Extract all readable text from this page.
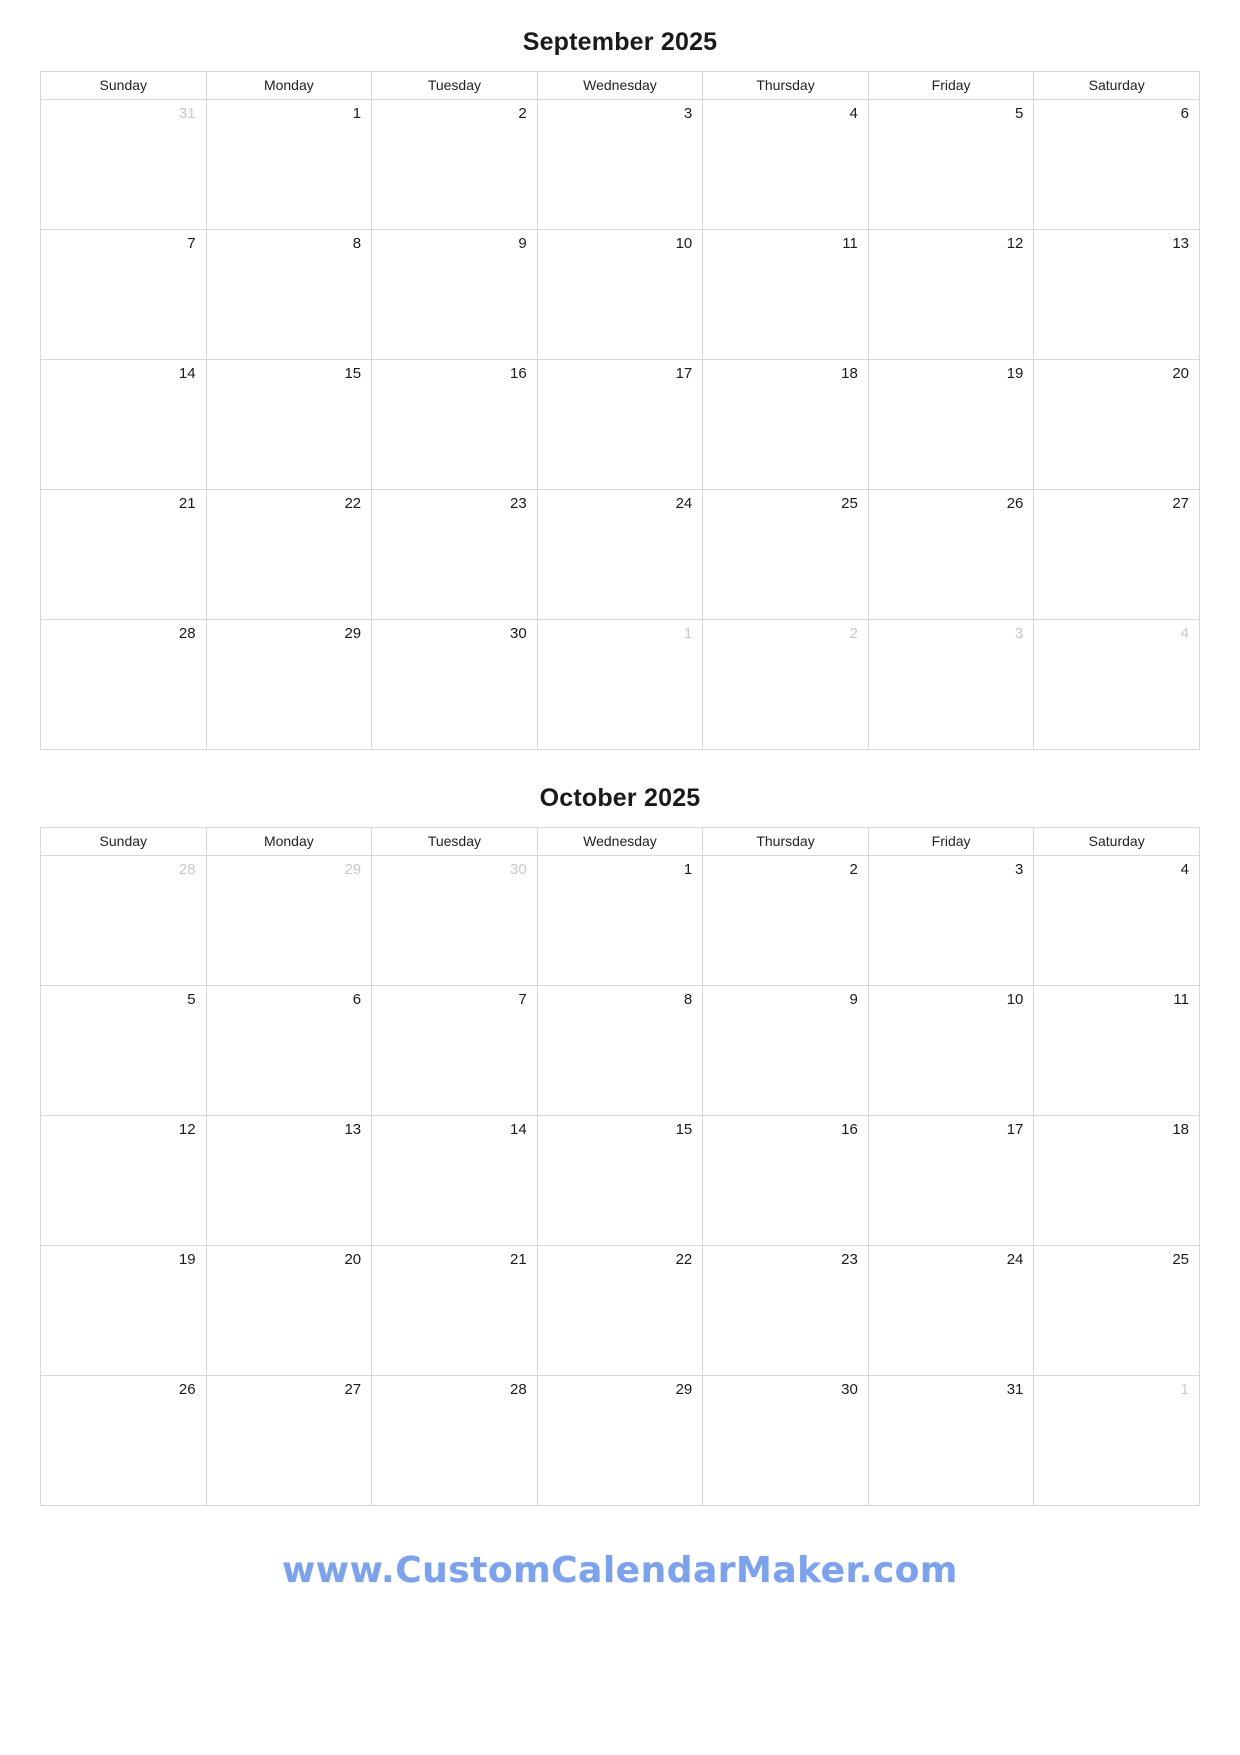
September 2025
Sunday	Monday	Tuesday	Wednesday	Thursday	Friday	Saturday

31	1	2	3	4	5	6

7	8	9	10	11	12	13

14	15	16	17	18	19	20

21	22	23	24	25	26	27

28	29	30	1	2	3	4
October 2025
Sunday	Monday	Tuesday	Wednesday	Thursday	Friday	Saturday

28	29	30	1	2	3	4

5	6	7	8	9	10	11

12	13	14	15	16	17	18

19	20	21	22	23	24	25

26	27	28	29	30	31	1
www.CustomCalendarMaker.com
